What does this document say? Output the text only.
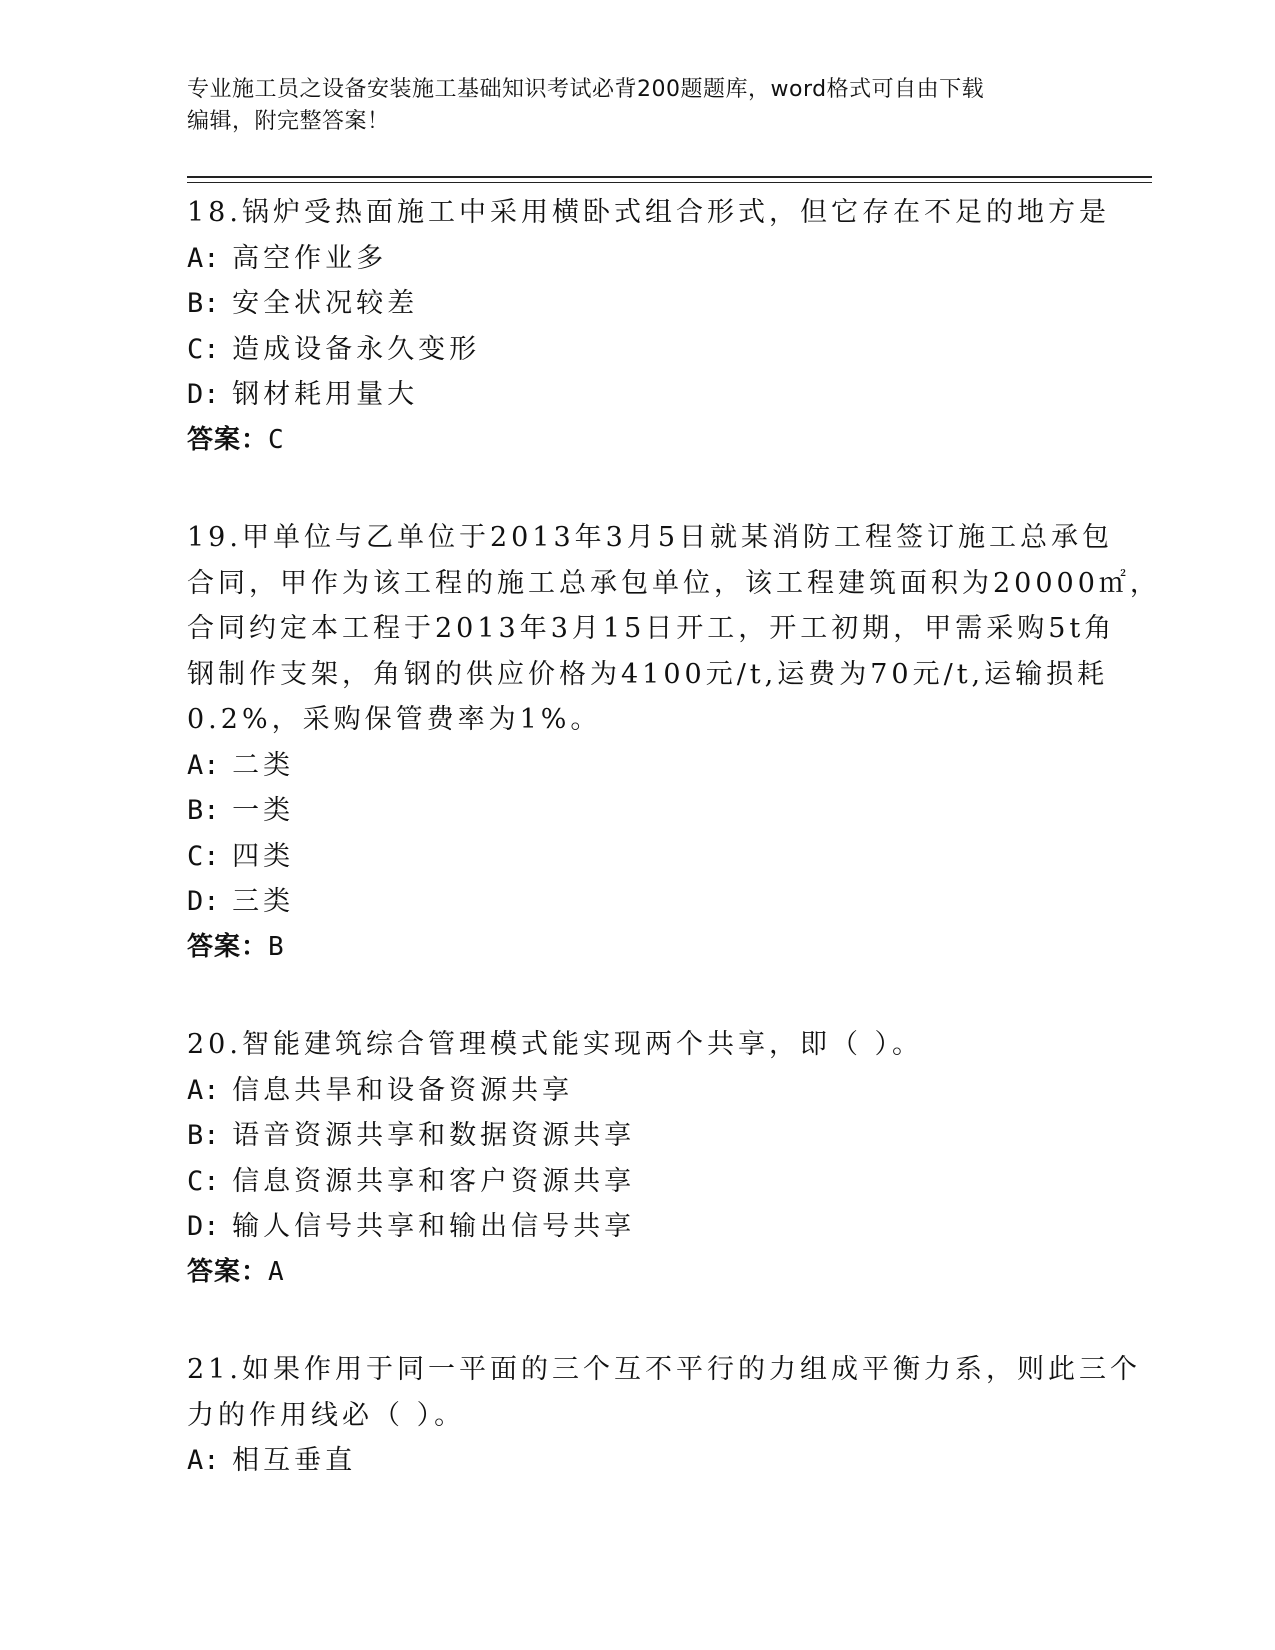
专业施工员之设备安装施工基础知识考试必背200题题库，word格式可自由下载
编辑，附完整答案！
18.锅炉受热面施工中采用横卧式组合形式，但它存在不足的地方是
A: 高空作业多
B: 安全状况较差
C: 造成设备永久变形
D: 钢材耗用量大
答案：C
19.甲单位与乙单位于2013年3月5日就某消防工程签订施工总承包
合同，甲作为该工程的施工总承包单位，该工程建筑面积为20000㎡，
合同约定本工程于2013年3月15日开工，开工初期，甲需采购5t角
钢制作支架，角钢的供应价格为4100元/t,运费为70元/t,运输损耗
0.2%，采购保管费率为1%。
A: 二类
B: 一类
C: 四类
D: 三类
答案：B
20.智能建筑综合管理模式能实现两个共享，即（ ）。
A: 信息共旱和设备资源共享
B: 语音资源共享和数据资源共享
C: 信息资源共享和客户资源共享
D: 输人信号共享和输出信号共享
答案：A
21.如果作用于同一平面的三个互不平行的力组成平衡力系，则此三个
力的作用线必（ ）。
A: 相互垂直
